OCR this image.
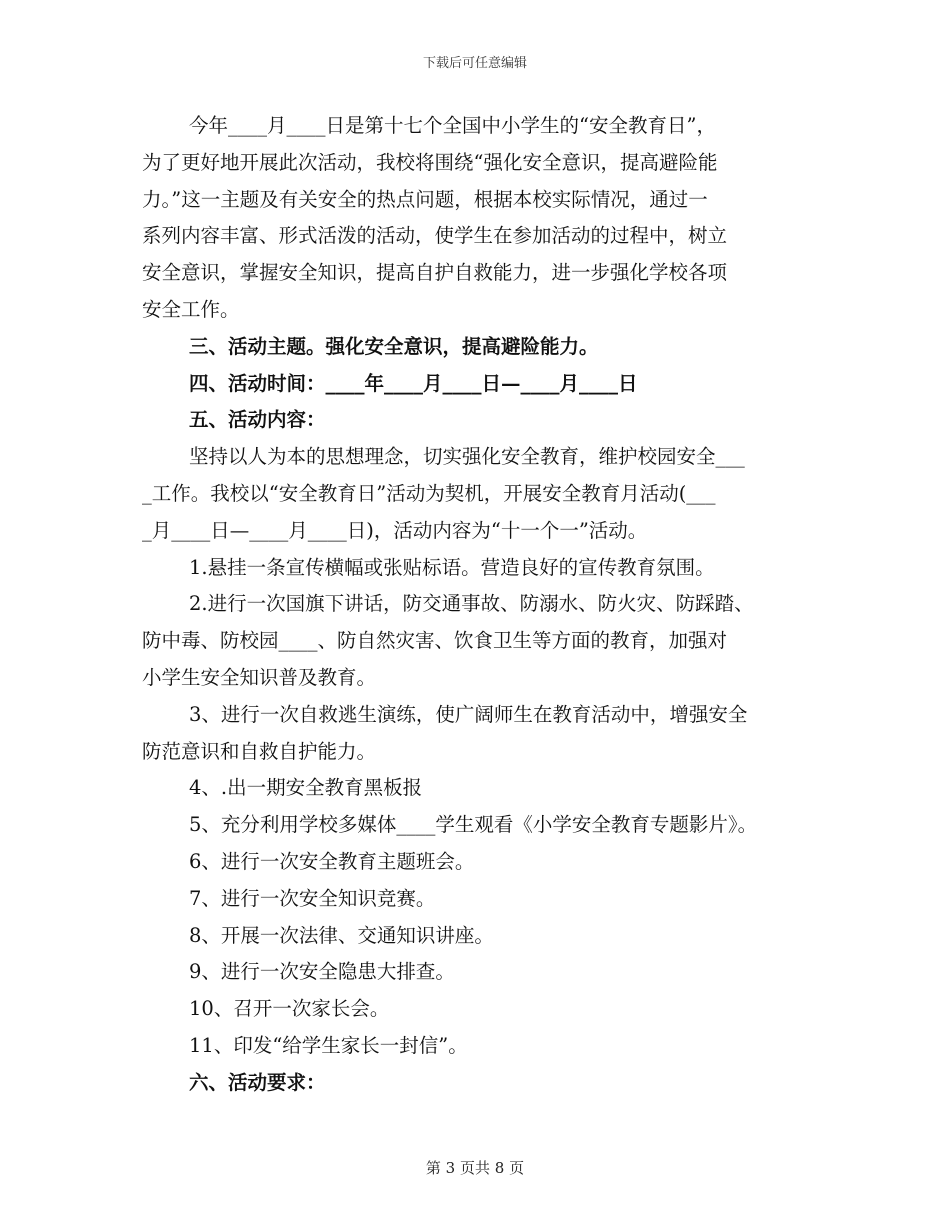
下载后可任意编辑

今年____月____日是第十七个全国中小学生的“安全教育日”，

为了更好地开展此次活动，我校将围绕“强化安全意识，提高避险能

力。”这一主题及有关安全的热点问题，根据本校实际情况，通过一

系列内容丰富、形式活泼的活动，使学生在参加活动的过程中，树立

安全意识，掌握安全知识，提高自护自救能力，进一步强化学校各项

安全工作。

三、活动主题。强化安全意识，提高避险能力。

四、活动时间：____年____月____日—____月____日

五、活动内容：

坚持以人为本的思想理念，切实强化安全教育，维护校园安全___

_工作。我校以“安全教育日”活动为契机，开展安全教育月活动(___

_月____日—____月____日)，活动内容为“十一个一”活动。

1.悬挂一条宣传横幅或张贴标语。营造良好的宣传教育氛围。

2.进行一次国旗下讲话，防交通事故、防溺水、防火灾、防踩踏、

防中毒、防校园____、防自然灾害、饮食卫生等方面的教育，加强对

小学生安全知识普及教育。

3、进行一次自救逃生演练，使广阔师生在教育活动中，增强安全

防范意识和自救自护能力。

4、.出一期安全教育黑板报

5、充分利用学校多媒体____学生观看《小学安全教育专题影片》。

6、进行一次安全教育主题班会。

7、进行一次安全知识竞赛。

8、开展一次法律、交通知识讲座。

9、进行一次安全隐患大排查。

10、召开一次家长会。

11、印发“给学生家长一封信”。

六、活动要求：

第 3 页共 8 页
